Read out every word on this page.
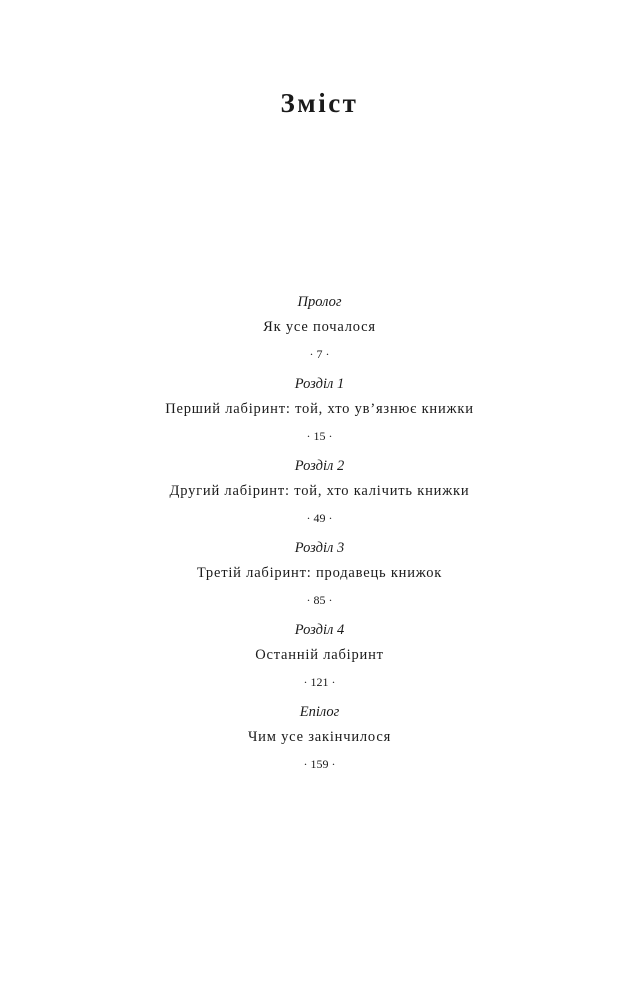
Зміст
Пролог
Як усе почалося
· 7 ·
Розділ 1
Перший лабіринт: той, хто ув’язнює книжки
· 15 ·
Розділ 2
Другий лабіринт: той, хто калічить книжки
· 49 ·
Розділ 3
Третій лабіринт: продавець книжок
· 85 ·
Розділ 4
Останній лабіринт
· 121 ·
Епілог
Чим усе закінчилося
· 159 ·
